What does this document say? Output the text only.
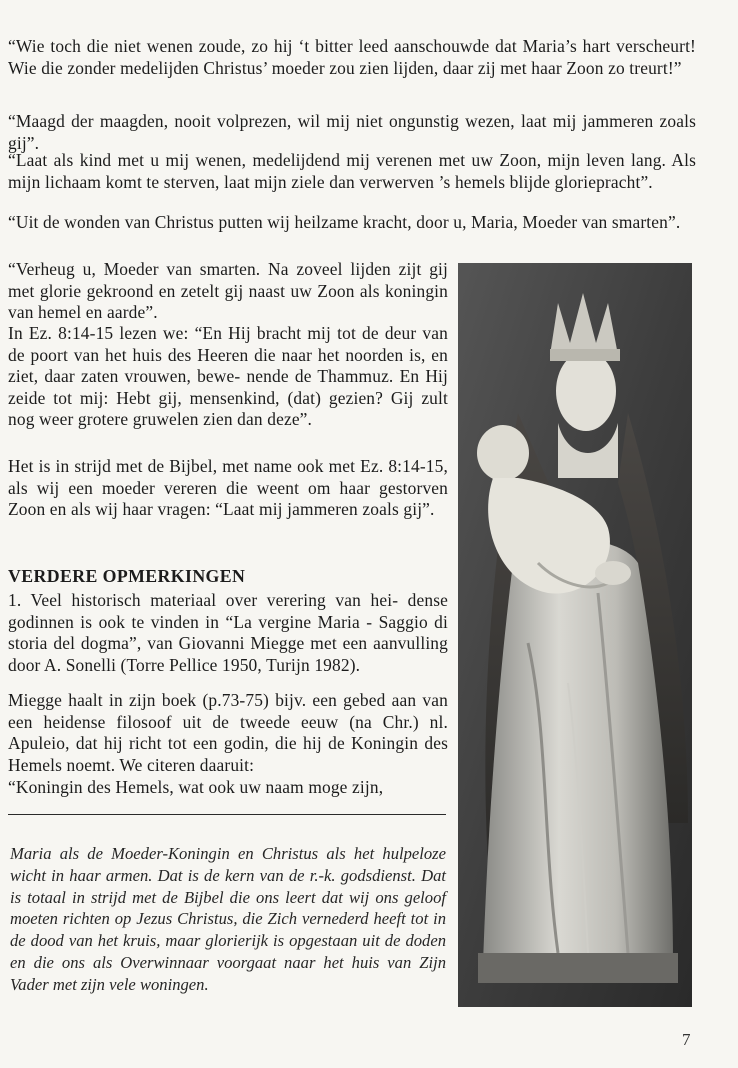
“Wie toch die niet wenen zoude, zo hij ‘t bitter leed aanschouwde dat Maria’s hart verscheurt! Wie die zonder medelijden Christus’ moeder zou zien lijden, daar zij met haar Zoon zo treurt!”

“Maagd der maagden, nooit volprezen, wil mij niet ongunstig wezen, laat mij jammeren zoals gij”.

“Laat als kind met u mij wenen, medelijdend mij verenen met uw Zoon, mijn leven lang. Als mijn lichaam komt te sterven, laat mijn ziele dan verwerven ’s hemels blijde gloriepracht”.

“Uit de wonden van Christus putten wij heilzame kracht, door u, Maria, Moeder van smarten”.

“Verheug u, Moeder van smarten. Na zoveel lijden zijt gij met glorie gekroond en zetelt gij naast uw Zoon als koningin van hemel en aarde”.

In Ez. 8:14-15 lezen we: “En Hij bracht mij tot de deur van de poort van het huis des Heeren die naar het noorden is, en ziet, daar zaten vrouwen, bewe- nende de Thammuz. En Hij zeide tot mij: Hebt gij, mensenkind, (dat) gezien? Gij zult nog weer grotere gruwelen zien dan deze”.

Het is in strijd met de Bijbel, met name ook met Ez. 8:14-15, als wij een moeder vereren die weent om haar gestorven Zoon en als wij haar vragen: “Laat mij jammeren zoals gij”.

VERDERE OPMERKINGEN

1. Veel historisch materiaal over verering van hei- dense godinnen is ook te vinden in “La vergine Maria - Saggio di storia del dogma”, van Giovanni Miegge met een aanvulling door A. Sonelli (Torre Pellice 1950, Turijn 1982).

Miegge haalt in zijn boek (p.73-75) bijv. een gebed aan van een heidense filosoof uit de tweede eeuw (na Chr.) nl. Apuleio, dat hij richt tot een godin, die hij de Koningin des Hemels noemt. We citeren daaruit:

“Koningin des Hemels, wat ook uw naam moge zijn,

Maria als de Moeder-Koningin en Christus als het hulpeloze wicht in haar armen. Dat is de kern van de r.-k. godsdienst. Dat is totaal in strijd met de Bijbel die ons leert dat wij ons geloof moeten richten op Jezus Christus, die Zich vernederd heeft tot in de dood van het kruis, maar glorierijk is opgestaan uit de doden en die ons als Overwinnaar voorgaat naar het huis van Zijn Vader met zijn vele woningen.

7
